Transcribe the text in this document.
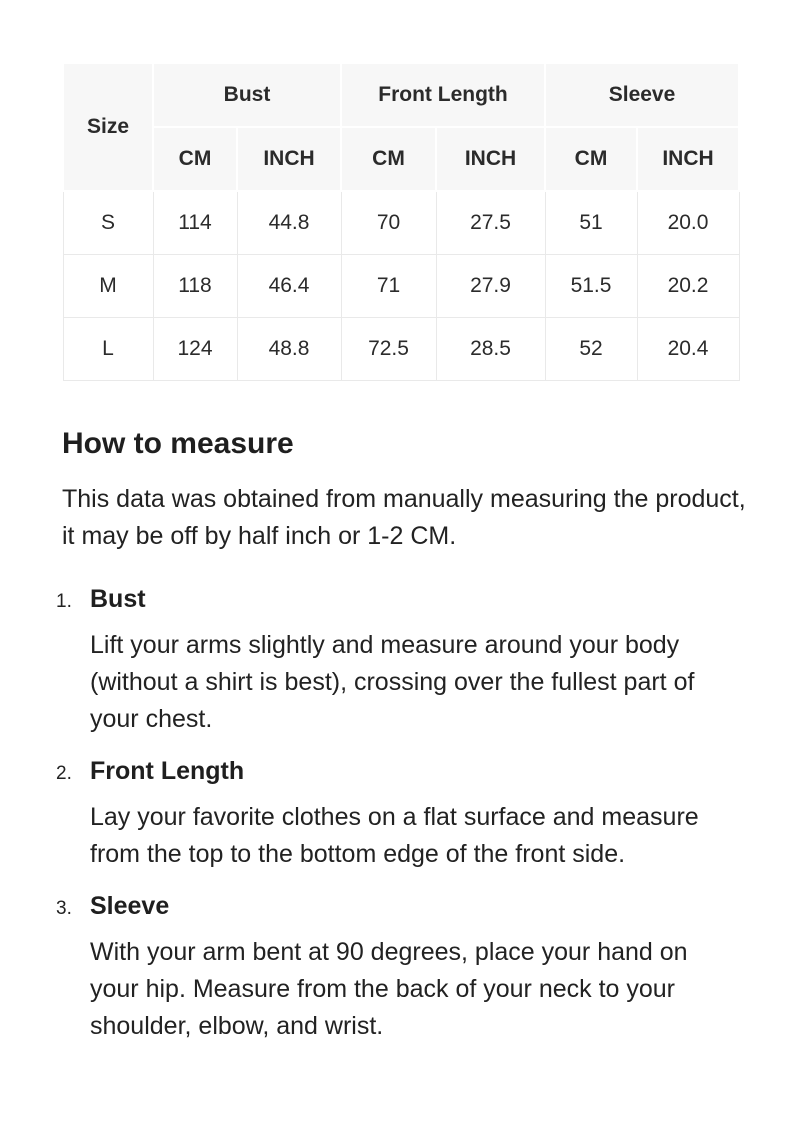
Size	Bust		Front Length		Sleeve	
	CM	INCH	CM	INCH	CM	INCH
S	114	44.8	70	27.5	51	20.0
M	118	46.4	71	27.9	51.5	20.2
L	124	48.8	72.5	28.5	52	20.4
How to measure

This data was obtained from manually measuring the product, it may be off by half inch or 1-2 CM.

1. Bust

Lift your arms slightly and measure around your body (without a shirt is best), crossing over the fullest part of your chest.

2. Front Length

Lay your favorite clothes on a flat surface and measure from the top to the bottom edge of the front side.

3. Sleeve

With your arm bent at 90 degrees, place your hand on your hip. Measure from the back of your neck to your shoulder, elbow, and wrist.
